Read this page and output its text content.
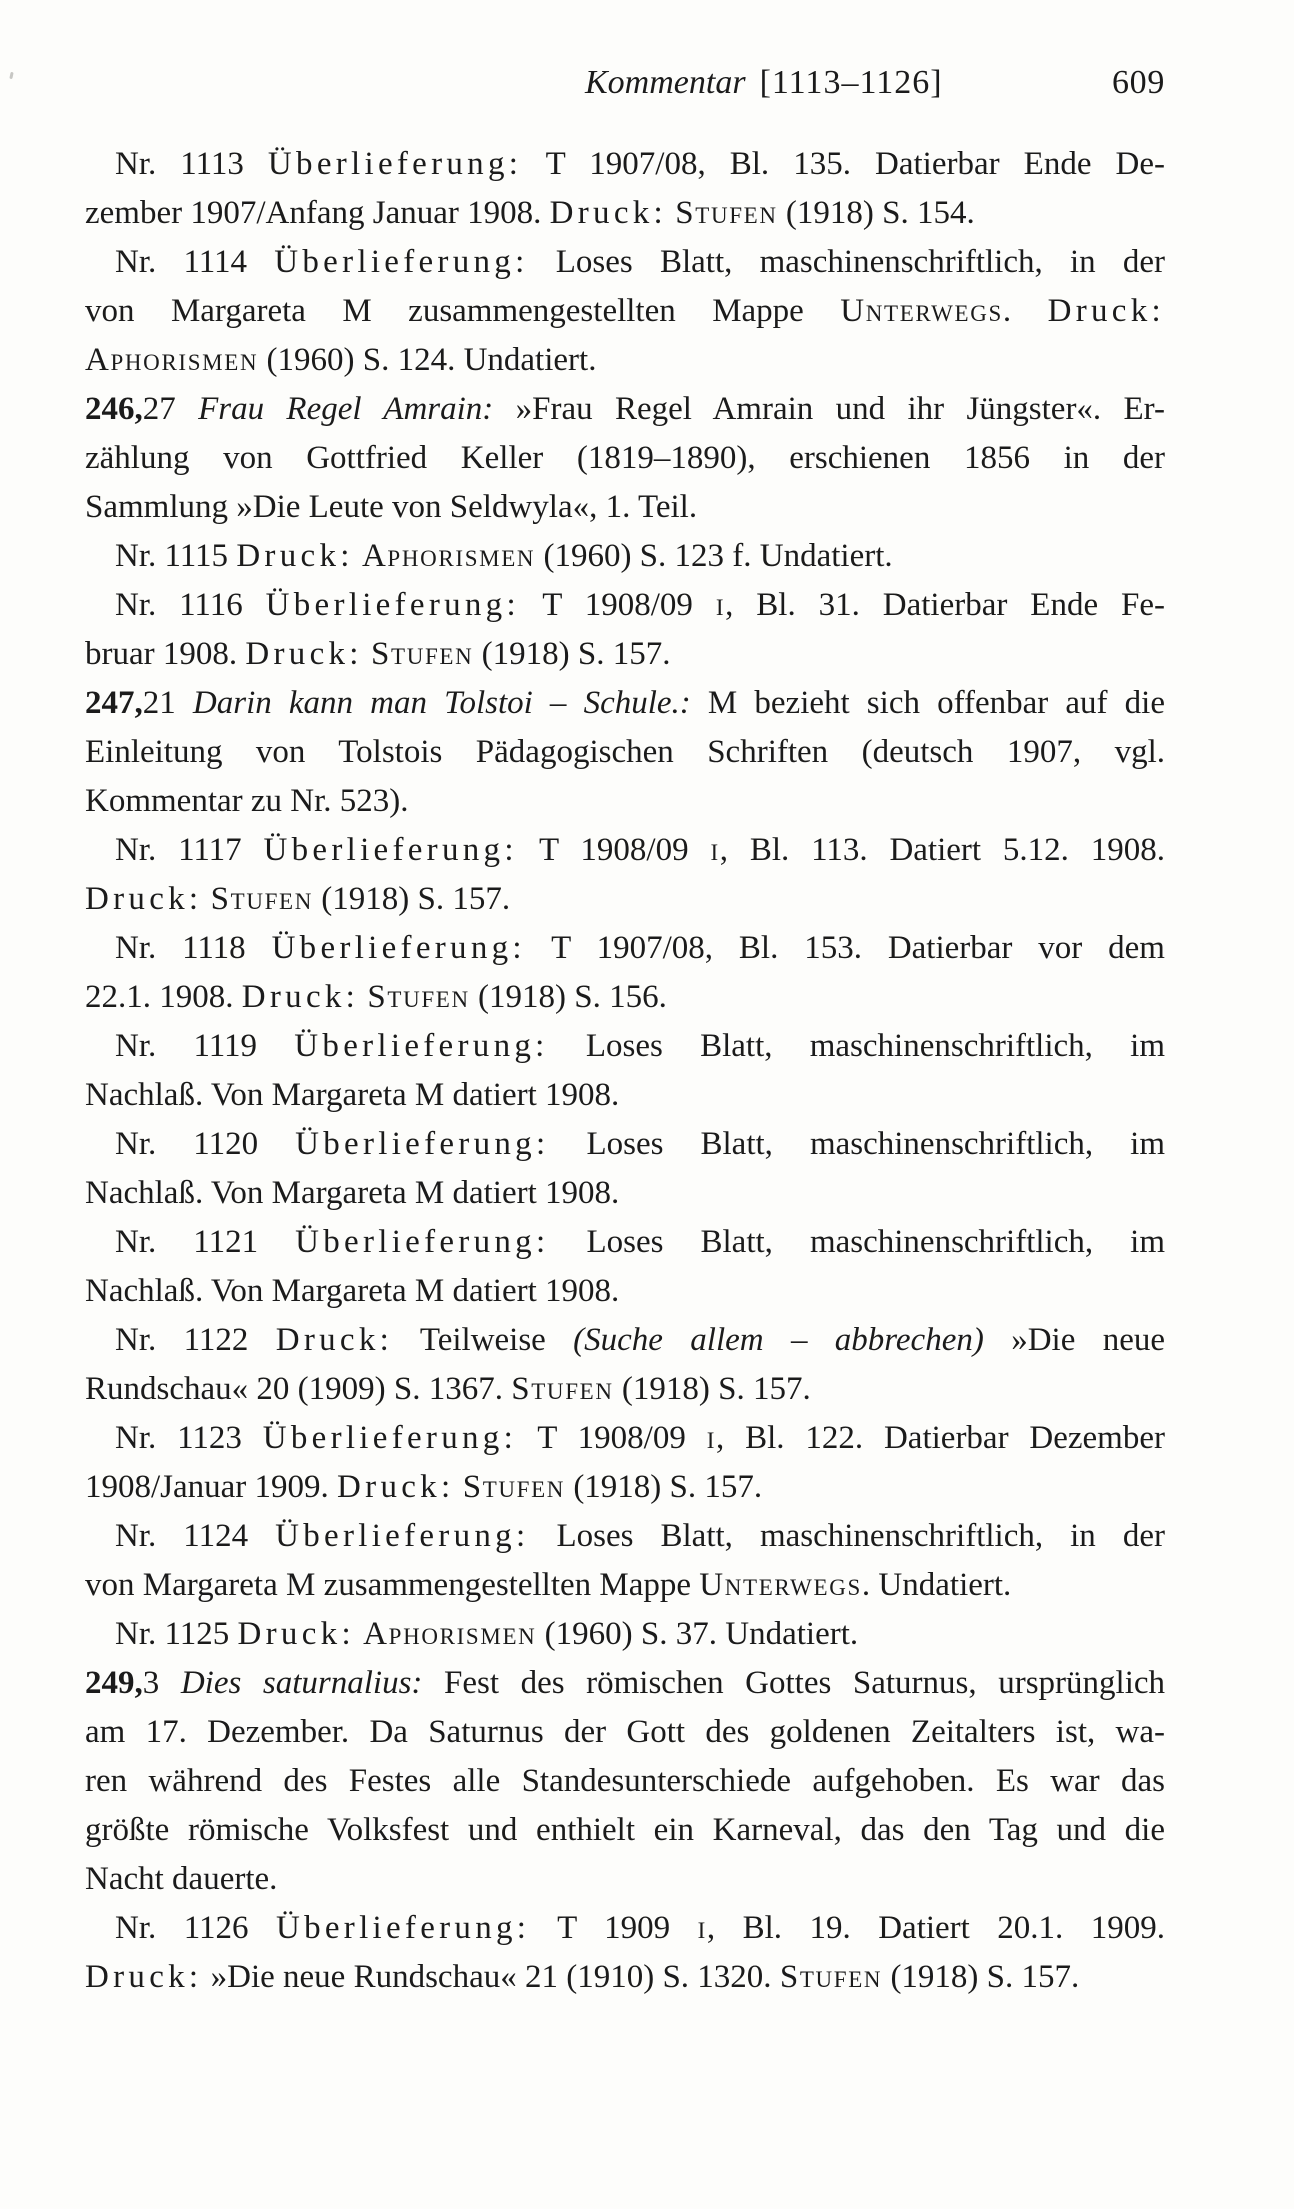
Kommentar [1113–1126]	609
Nr. 1113 Überlieferung: T 1907/08, Bl. 135. Datierbar Ende De-
zember 1907/Anfang Januar 1908. Druck: Stufen (1918) S. 154.
Nr. 1114 Überlieferung: Loses Blatt, maschinenschriftlich, in der
von Margareta M zusammengestellten Mappe Unterwegs. Druck:
Aphorismen (1960) S. 124. Undatiert.
246,27 Frau Regel Amrain: »Frau Regel Amrain und ihr Jüngster«. Er-
zählung von Gottfried Keller (1819–1890), erschienen 1856 in der
Sammlung »Die Leute von Seldwyla«, 1. Teil.
Nr. 1115 Druck: Aphorismen (1960) S. 123 f. Undatiert.
Nr. 1116 Überlieferung: T 1908/09 i, Bl. 31. Datierbar Ende Fe-
bruar 1908. Druck: Stufen (1918) S. 157.
247,21 Darin kann man Tolstoi – Schule.: M bezieht sich offenbar auf die
Einleitung von Tolstois Pädagogischen Schriften (deutsch 1907, vgl.
Kommentar zu Nr. 523).
Nr. 1117 Überlieferung: T 1908/09 i, Bl. 113. Datiert 5.12. 1908.
Druck: Stufen (1918) S. 157.
Nr. 1118 Überlieferung: T 1907/08, Bl. 153. Datierbar vor dem
22.1. 1908. Druck: Stufen (1918) S. 156.
Nr. 1119 Überlieferung: Loses Blatt, maschinenschriftlich, im
Nachlaß. Von Margareta M datiert 1908.
Nr. 1120 Überlieferung: Loses Blatt, maschinenschriftlich, im
Nachlaß. Von Margareta M datiert 1908.
Nr. 1121 Überlieferung: Loses Blatt, maschinenschriftlich, im
Nachlaß. Von Margareta M datiert 1908.
Nr. 1122 Druck: Teilweise (Suche allem – abbrechen) »Die neue
Rundschau« 20 (1909) S. 1367. Stufen (1918) S. 157.
Nr. 1123 Überlieferung: T 1908/09 i, Bl. 122. Datierbar Dezember
1908/Januar 1909. Druck: Stufen (1918) S. 157.
Nr. 1124 Überlieferung: Loses Blatt, maschinenschriftlich, in der
von Margareta M zusammengestellten Mappe Unterwegs. Undatiert.
Nr. 1125 Druck: Aphorismen (1960) S. 37. Undatiert.
249,3 Dies saturnalius: Fest des römischen Gottes Saturnus, ursprünglich
am 17. Dezember. Da Saturnus der Gott des goldenen Zeitalters ist, wa-
ren während des Festes alle Standesunterschiede aufgehoben. Es war das
größte römische Volksfest und enthielt ein Karneval, das den Tag und die
Nacht dauerte.
Nr. 1126 Überlieferung: T 1909 i, Bl. 19. Datiert 20.1. 1909.
Druck: »Die neue Rundschau« 21 (1910) S. 1320. Stufen (1918) S. 157.
